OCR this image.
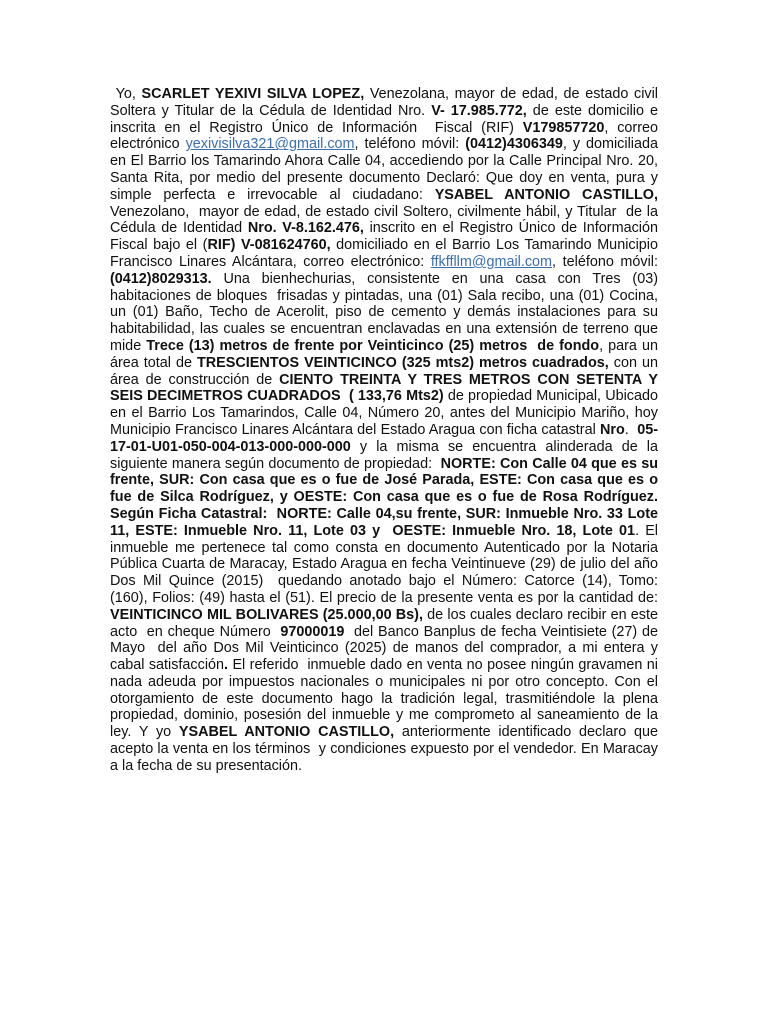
Yo, SCARLET YEXIVI SILVA LOPEZ, Venezolana, mayor de edad, de estado civil Soltera y Titular de la Cédula de Identidad Nro. V- 17.985.772, de este domicilio e inscrita en el Registro Único de Información  Fiscal (RIF) V179857720, correo electrónico yexivisilva321@gmail.com, teléfono móvil: (0412)4306349, y domiciliada en El Barrio los Tamarindo Ahora Calle 04, accediendo por la Calle Principal Nro. 20, Santa Rita, por medio del presente documento Declaró: Que doy en venta, pura y simple perfecta e irrevocable al ciudadano: YSABEL ANTONIO CASTILLO, Venezolano,  mayor de edad, de estado civil Soltero, civilmente hábil, y Titular  de la Cédula de Identidad Nro. V-8.162.476, inscrito en el Registro Único de Información Fiscal bajo el (RIF) V-081624760, domiciliado en el Barrio Los Tamarindo Municipio Francisco Linares Alcántara, correo electrónico: ffkffllm@gmail.com, teléfono móvil: (0412)8029313. Una bienhechurias, consistente en una casa con Tres (03) habitaciones de bloques  frisadas y pintadas, una (01) Sala recibo, una (01) Cocina, un (01) Baño, Techo de Acerolit, piso de cemento y demás instalaciones para su habitabilidad, las cuales se encuentran enclavadas en una extensión de terreno que mide Trece (13) metros de frente por Veinticinco (25) metros  de fondo, para un área total de TRESCIENTOS VEINTICINCO (325 mts2) metros cuadrados, con un área de construcción de CIENTO TREINTA Y TRES METROS CON SETENTA Y SEIS DECIMETROS CUADRADOS  ( 133,76 Mts2) de propiedad Municipal, Ubicado en el Barrio Los Tamarindos, Calle 04, Número 20, antes del Municipio Mariño, hoy Municipio Francisco Linares Alcántara del Estado Aragua con ficha catastral Nro.  05-17-01-U01-050-004-013-000-000-000 y la misma se encuentra alinderada de la siguiente manera según documento de propiedad:  NORTE: Con Calle 04 que es su frente, SUR: Con casa que es o fue de José Parada, ESTE: Con casa que es o fue de Silca Rodríguez, y OESTE: Con casa que es o fue de Rosa Rodríguez. Según Ficha Catastral:  NORTE: Calle 04,su frente, SUR: Inmueble Nro. 33 Lote 11, ESTE: Inmueble Nro. 11, Lote 03 y  OESTE: Inmueble Nro. 18, Lote 01. El inmueble me pertenece tal como consta en documento Autenticado por la Notaria Pública Cuarta de Maracay, Estado Aragua en fecha Veintinueve (29) de julio del año Dos Mil Quince (2015)  quedando anotado bajo el Número: Catorce (14), Tomo: (160), Folios: (49) hasta el (51). El precio de la presente venta es por la cantidad de: VEINTICINCO MIL BOLIVARES (25.000,00 Bs), de los cuales declaro recibir en este acto  en cheque Número  97000019  del Banco Banplus de fecha Veintisiete (27) de Mayo  del año Dos Mil Veinticinco (2025) de manos del comprador, a mi entera y cabal satisfacción. El referido  inmueble dado en venta no posee ningún gravamen ni nada adeuda por impuestos nacionales o municipales ni por otro concepto. Con el otorgamiento de este documento hago la tradición legal, trasmitiéndole la plena propiedad, dominio, posesión del inmueble y me comprometo al saneamiento de la ley. Y yo YSABEL ANTONIO CASTILLO, anteriormente identificado declaro que acepto la venta en los términos  y condiciones expuesto por el vendedor. En Maracay a la fecha de su presentación.
